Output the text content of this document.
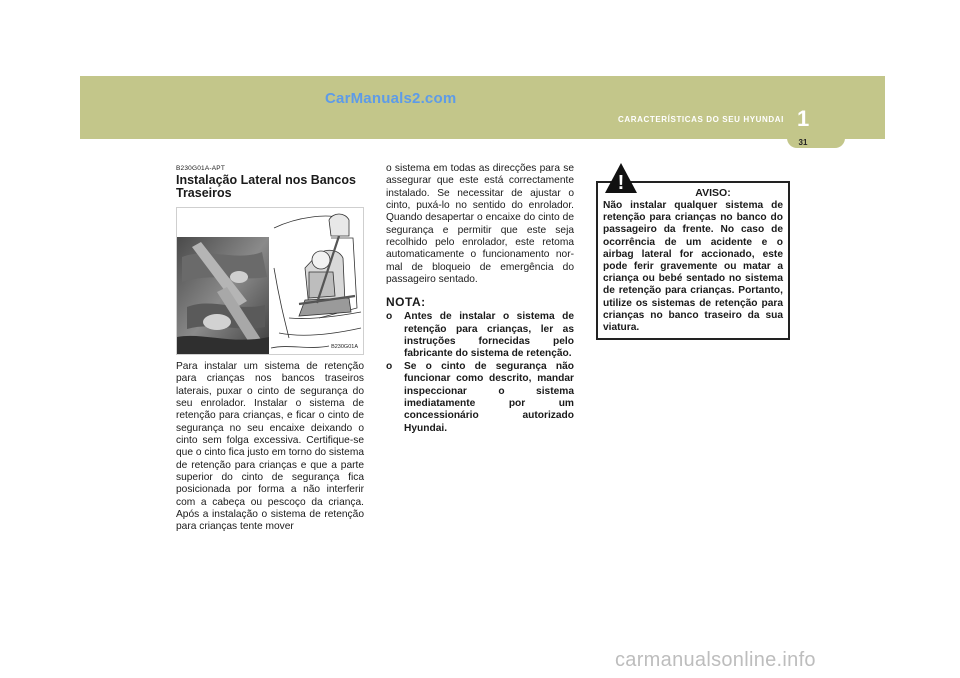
CarManuals2.com
CARACTERÍSTICAS DO SEU HYUNDAI 1
31
B230G01A-APT
Instalação Lateral nos Bancos Traseiros
B230G01A

Para instalar um sistema de retenção para crianças nos bancos traseiros laterais, puxar o cinto de segurança do seu enrolador. Instalar o sistema de retenção para crianças, e ficar o cinto de segurança no seu encaixe deixando o cinto sem folga excessiva. Certifique-se que o cinto fica justo em torno do sistema de retenção para crianças e que a parte superior do cinto de segurança fica posicionada por forma a não interferir com a cabeça ou pescoço da criança. Após a instalação o sistema de retenção para crianças tente mover

o sistema em todas as direcções para se assegurar que este está correctamente instalado. Se necessitar de ajustar o cinto, puxá-lo no sentido do enrolador. Quando desapertar o encaixe do cinto de segurança e permitir que este seja recolhido pelo enrolador, este retoma automaticamente o funcionamento nor-mal de bloqueio de emergência do passageiro sentado.

NOTA:
o Antes de instalar o sistema de retenção para crianças, ler as instruções fornecidas pelo fabricante do sistema de retenção.
o Se o cinto de segurança não funcionar como descrito, mandar inspeccionar o sistema imediatamente por um concessionário autorizado Hyundai.
!	AVISO:

Não instalar qualquer sistema de retenção para crianças no banco do passageiro da frente. No caso de ocorrência de um acidente e o airbag lateral for accionado, este pode ferir gravemente ou matar a criança ou bebé sentado no sistema de retenção para crianças. Portanto, utilize os sistemas de retenção para crianças no banco traseiro da sua viatura.

carmanualsonline.info
